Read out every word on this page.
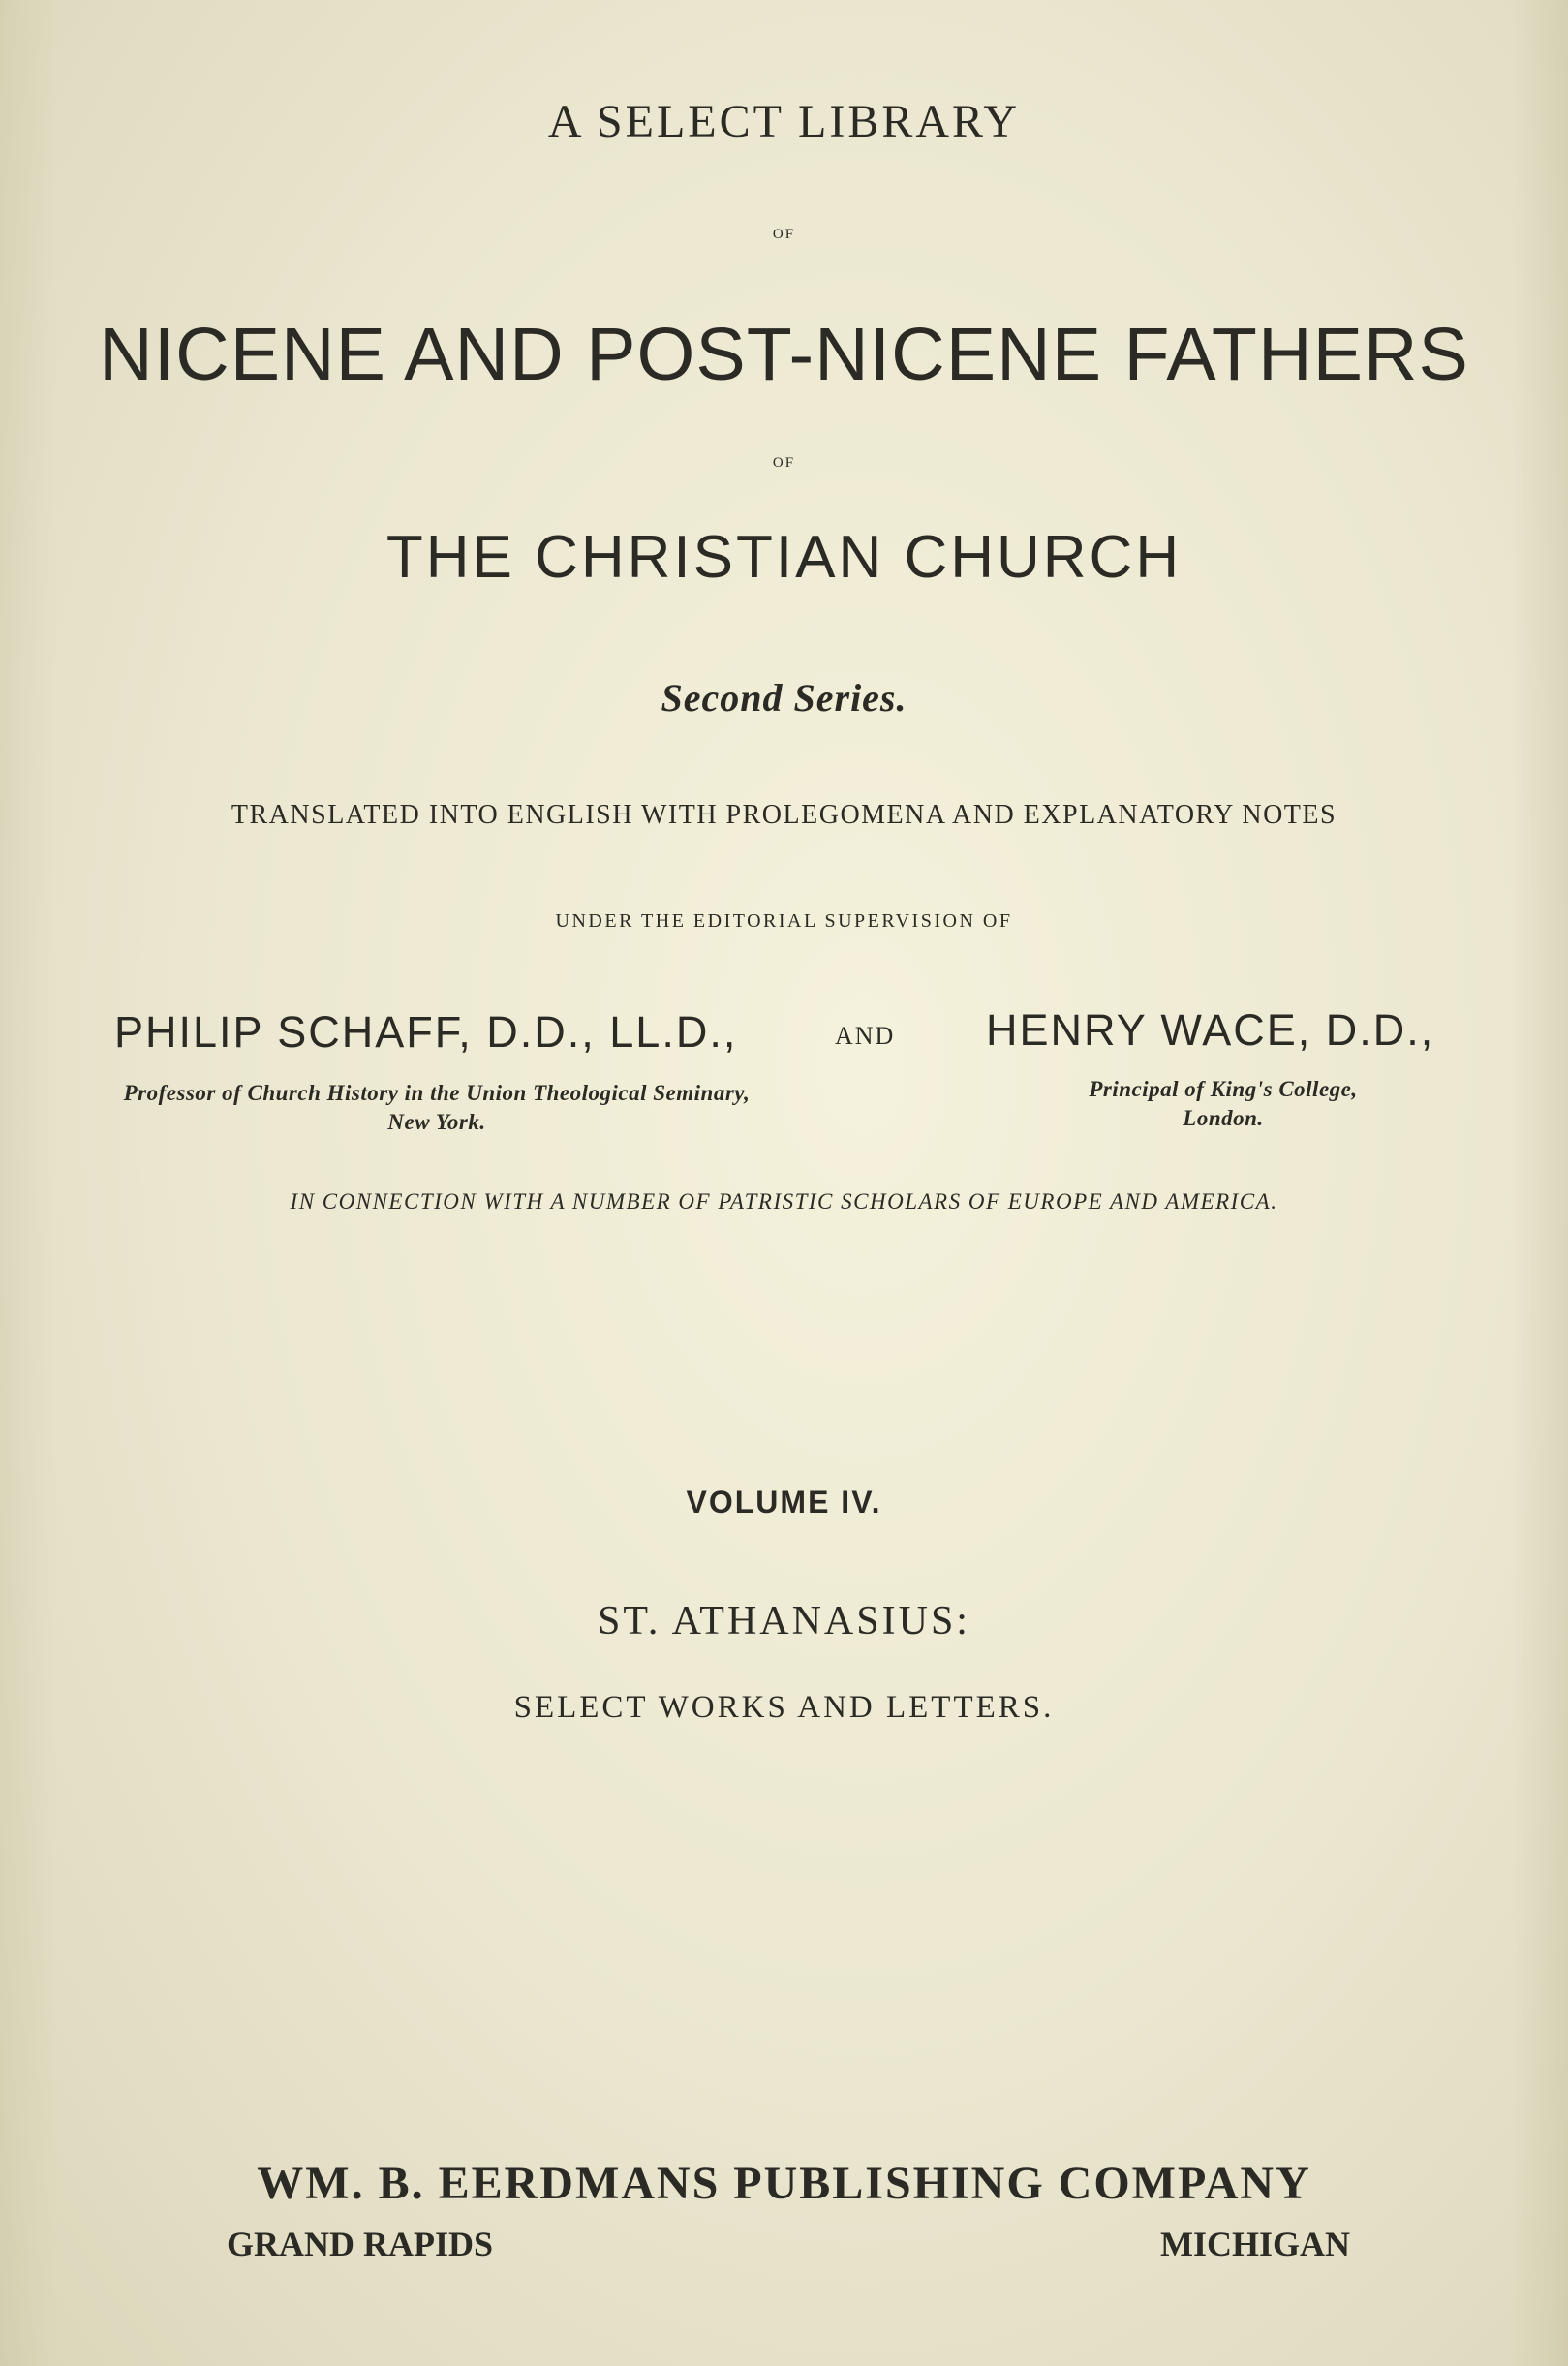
A SELECT LIBRARY

OF

NICENE AND POST-NICENE FATHERS

OF

THE CHRISTIAN CHURCH

Second Series.

TRANSLATED INTO ENGLISH WITH PROLEGOMENA AND EXPLANATORY NOTES

UNDER THE EDITORIAL SUPERVISION OF

PHILIP SCHAFF, D.D., LL.D.,	AND HENRY WACE, D.D.,

Professor of Church History in the Union Theological Seminary,
New York.
Principal of King's College,
London.

IN CONNECTION WITH A NUMBER OF PATRISTIC SCHOLARS OF EUROPE AND AMERICA.

VOLUME IV.

ST. ATHANASIUS:

SELECT WORKS AND LETTERS.

WM. B. EERDMANS PUBLISHING COMPANY

GRAND RAPIDS	MICHIGAN
